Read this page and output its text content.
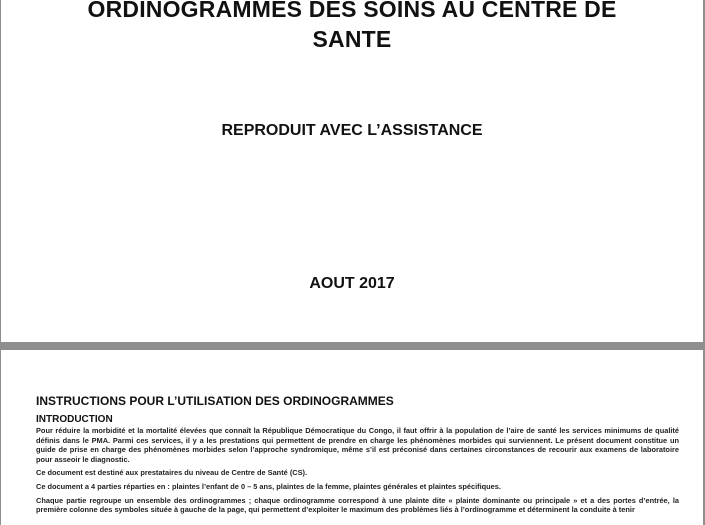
ORDINOGRAMMES DES SOINS AU CENTRE DE
SANTE
REPRODUIT AVEC L’ASSISTANCE
AOUT 2017
INSTRUCTIONS POUR L’UTILISATION DES ORDINOGRAMMES
INTRODUCTION
Pour réduire la morbidité et la mortalité élevées que connaît la République Démocratique du Congo, il faut offrir à la population de l’aire de santé les services minimums de qualité définis dans le PMA. Parmi ces services, il y a les prestations qui permettent de prendre en charge les phénomènes morbides qui surviennent. Le présent document constitue un guide de prise en charge des phénomènes morbides selon l’approche syndromique, même s’il est préconisé dans certaines circonstances de recourir aux examens de laboratoire pour asseoir le diagnostic.
Ce document est destiné aux prestataires du niveau de Centre de Santé (CS).
Ce document a 4 parties réparties en : plaintes l’enfant de 0 – 5 ans, plaintes de la femme, plaintes générales et plaintes spécifiques.
Chaque partie regroupe un ensemble des ordinogrammes ; chaque ordinogramme correspond à une plainte dite « plainte dominante ou principale » et a des portes d’entrée, la première colonne des symboles située à gauche de la page, qui permettent d’exploiter le maximum des problèmes liés à l’ordinogramme et déterminent la conduite à tenir
